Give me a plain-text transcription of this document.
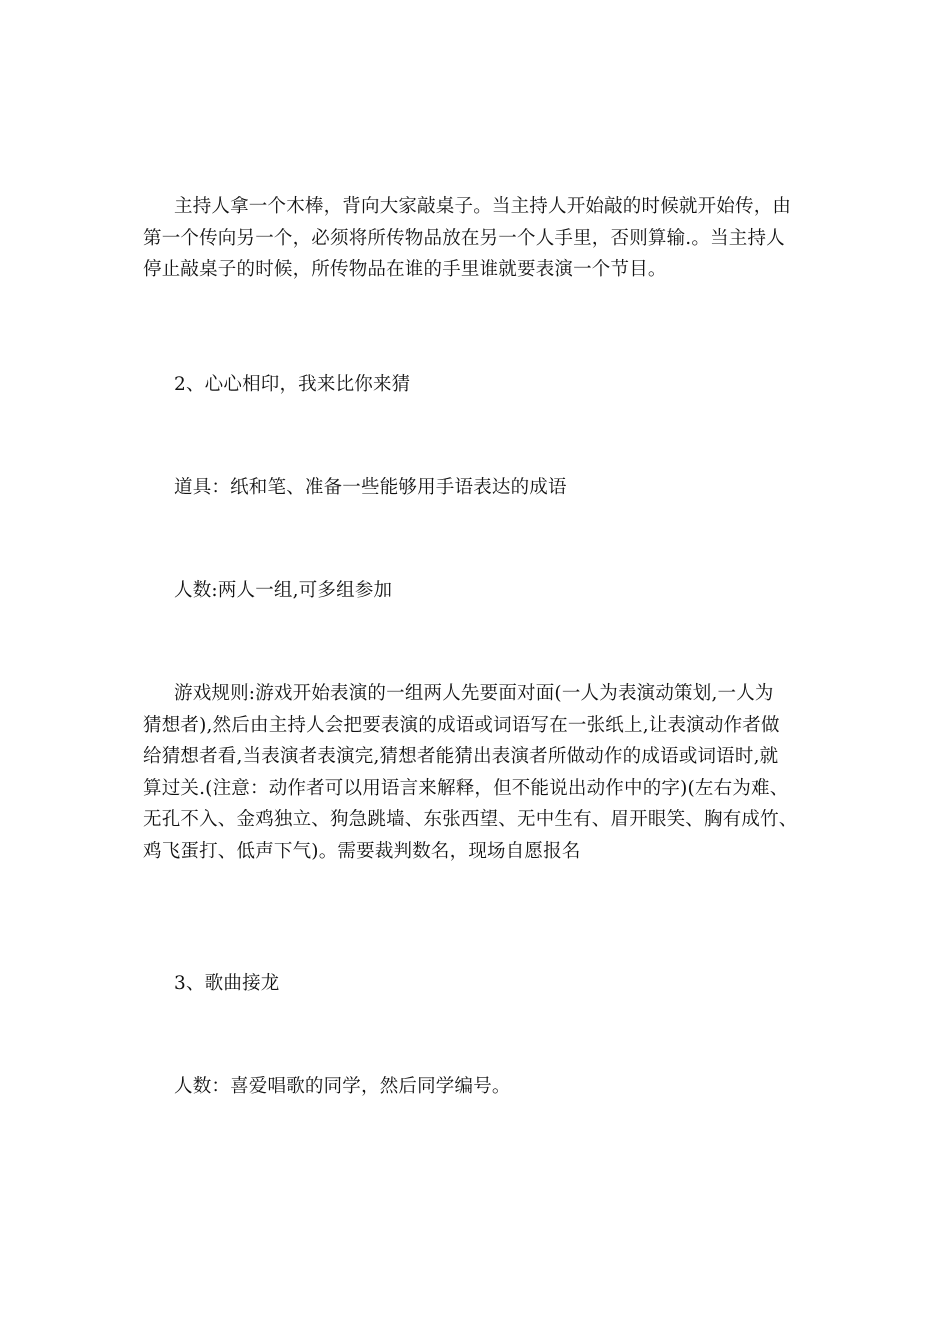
主持人拿一个木棒，背向大家敲桌子。当主持人开始敲的时候就开始传，由
第一个传向另一个，必须将所传物品放在另一个人手里，否则算输.。当主持人
停止敲桌子的时候，所传物品在谁的手里谁就要表演一个节目。

2、心心相印，我来比你来猜

道具：纸和笔、准备一些能够用手语表达的成语

人数:两人一组,可多组参加

游戏规则:游戏开始表演的一组两人先要面对面(一人为表演动策划,一人为
猜想者),然后由主持人会把要表演的成语或词语写在一张纸上,让表演动作者做
给猜想者看,当表演者表演完,猜想者能猜出表演者所做动作的成语或词语时,就
算过关.(注意：动作者可以用语言来解释，但不能说出动作中的字)(左右为难、
无孔不入、金鸡独立、狗急跳墙、东张西望、无中生有、眉开眼笑、胸有成竹、
鸡飞蛋打、低声下气)。需要裁判数名，现场自愿报名

3、歌曲接龙

人数：喜爱唱歌的同学，然后同学编号。
